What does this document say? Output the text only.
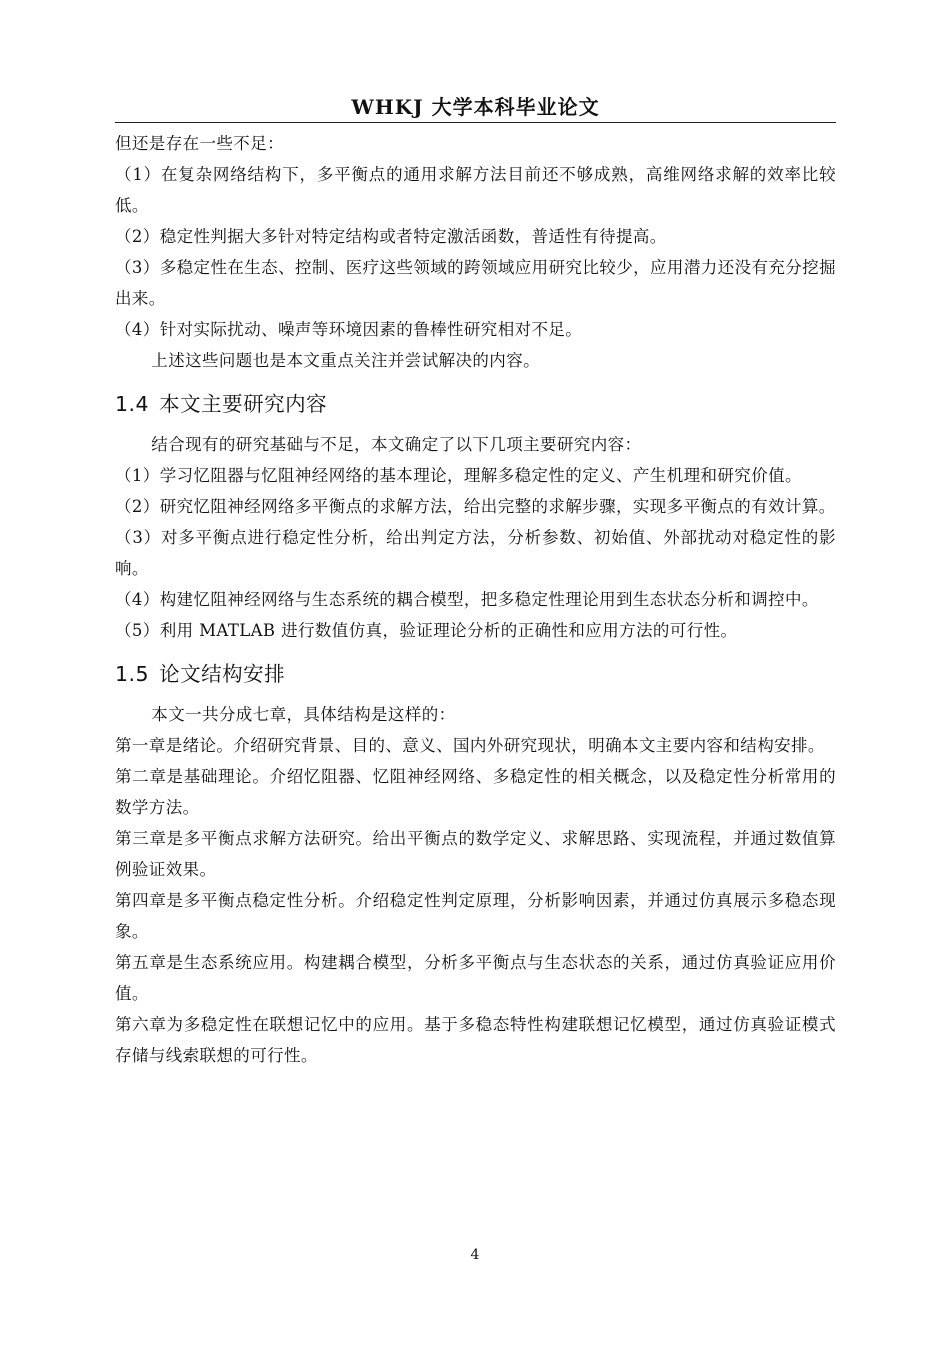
WHKJ 大学本科毕业论文

但还是存在一些不足：

（1）在复杂网络结构下，多平衡点的通用求解方法目前还不够成熟，高维网络求解的效率比较低。

（2）稳定性判据大多针对特定结构或者特定激活函数，普适性有待提高。

（3）多稳定性在生态、控制、医疗这些领域的跨领域应用研究比较少，应用潜力还没有充分挖掘出来。

（4）针对实际扰动、噪声等环境因素的鲁棒性研究相对不足。

上述这些问题也是本文重点关注并尝试解决的内容。

1.4 本文主要研究内容

结合现有的研究基础与不足，本文确定了以下几项主要研究内容：

（1）学习忆阻器与忆阻神经网络的基本理论，理解多稳定性的定义、产生机理和研究价值。

（2）研究忆阻神经网络多平衡点的求解方法，给出完整的求解步骤，实现多平衡点的有效计算。

（3）对多平衡点进行稳定性分析，给出判定方法，分析参数、初始值、外部扰动对稳定性的影响。

（4）构建忆阻神经网络与生态系统的耦合模型，把多稳定性理论用到生态状态分析和调控中。

（5）利用 MATLAB 进行数值仿真，验证理论分析的正确性和应用方法的可行性。

1.5 论文结构安排

本文一共分成七章，具体结构是这样的：

第一章是绪论。介绍研究背景、目的、意义、国内外研究现状，明确本文主要内容和结构安排。

第二章是基础理论。介绍忆阻器、忆阻神经网络、多稳定性的相关概念，以及稳定性分析常用的数学方法。

第三章是多平衡点求解方法研究。给出平衡点的数学定义、求解思路、实现流程，并通过数值算例验证效果。

第四章是多平衡点稳定性分析。介绍稳定性判定原理，分析影响因素，并通过仿真展示多稳态现象。

第五章是生态系统应用。构建耦合模型，分析多平衡点与生态状态的关系，通过仿真验证应用价值。

第六章为多稳定性在联想记忆中的应用。基于多稳态特性构建联想记忆模型，通过仿真验证模式存储与线索联想的可行性。

4
